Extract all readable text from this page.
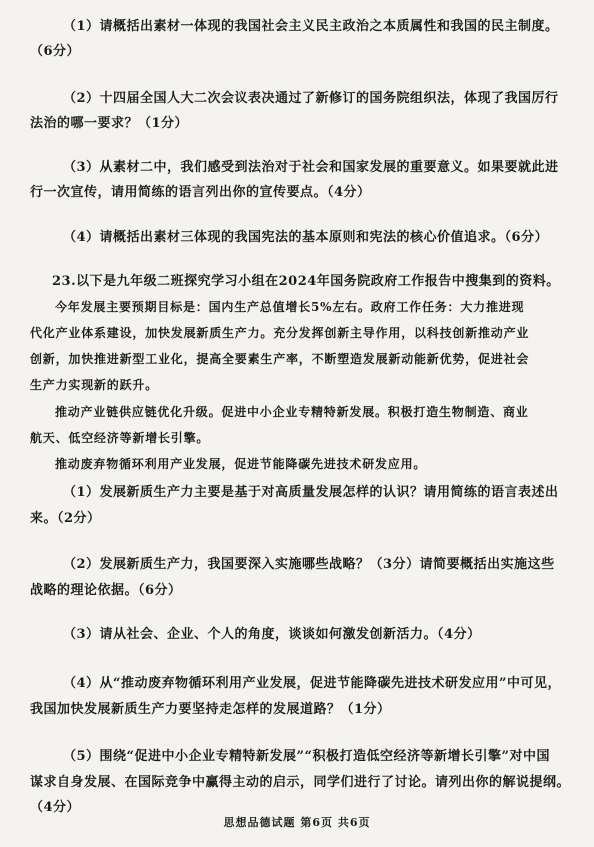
（1）请概括出素材一体现的我国社会主义民主政治之本质属性和我国的民主制度。
（6分）
（2）十四届全国人大二次会议表决通过了新修订的国务院组织法，体现了我国厉行
法治的哪一要求？（1分）
（3）从素材二中，我们感受到法治对于社会和国家发展的重要意义。如果要就此进
行一次宣传，请用简练的语言列出你的宣传要点。（4分）
（4）请概括出素材三体现的我国宪法的基本原则和宪法的核心价值追求。（6分）
23.以下是九年级二班探究学习小组在2024年国务院政府工作报告中搜集到的资料。
今年发展主要预期目标是：国内生产总值增长5%左右。政府工作任务：大力推进现
代化产业体系建设，加快发展新质生产力。充分发挥创新主导作用，以科技创新推动产业
创新，加快推进新型工业化，提高全要素生产率，不断塑造发展新动能新优势，促进社会
生产力实现新的跃升。
推动产业链供应链优化升级。促进中小企业专精特新发展。积极打造生物制造、商业
航天、低空经济等新增长引擎。
推动废弃物循环利用产业发展，促进节能降碳先进技术研发应用。
（1）发展新质生产力主要是基于对高质量发展怎样的认识？请用简练的语言表述出
来。（2分）
（2）发展新质生产力，我国要深入实施哪些战略？（3分）请简要概括出实施这些
战略的理论依据。（6分）
（3）请从社会、企业、个人的角度，谈谈如何激发创新活力。（4分）
（4）从“推动废弃物循环利用产业发展，促进节能降碳先进技术研发应用”中可见，
我国加快发展新质生产力要坚持走怎样的发展道路？（1分）
（5）围绕“促进中小企业专精特新发展”“积极打造低空经济等新增长引擎”对中国
谋求自身发展、在国际竞争中赢得主动的启示，同学们进行了讨论。请列出你的解说提纲。
（4分）
思想品德试题 第6页 共6页
